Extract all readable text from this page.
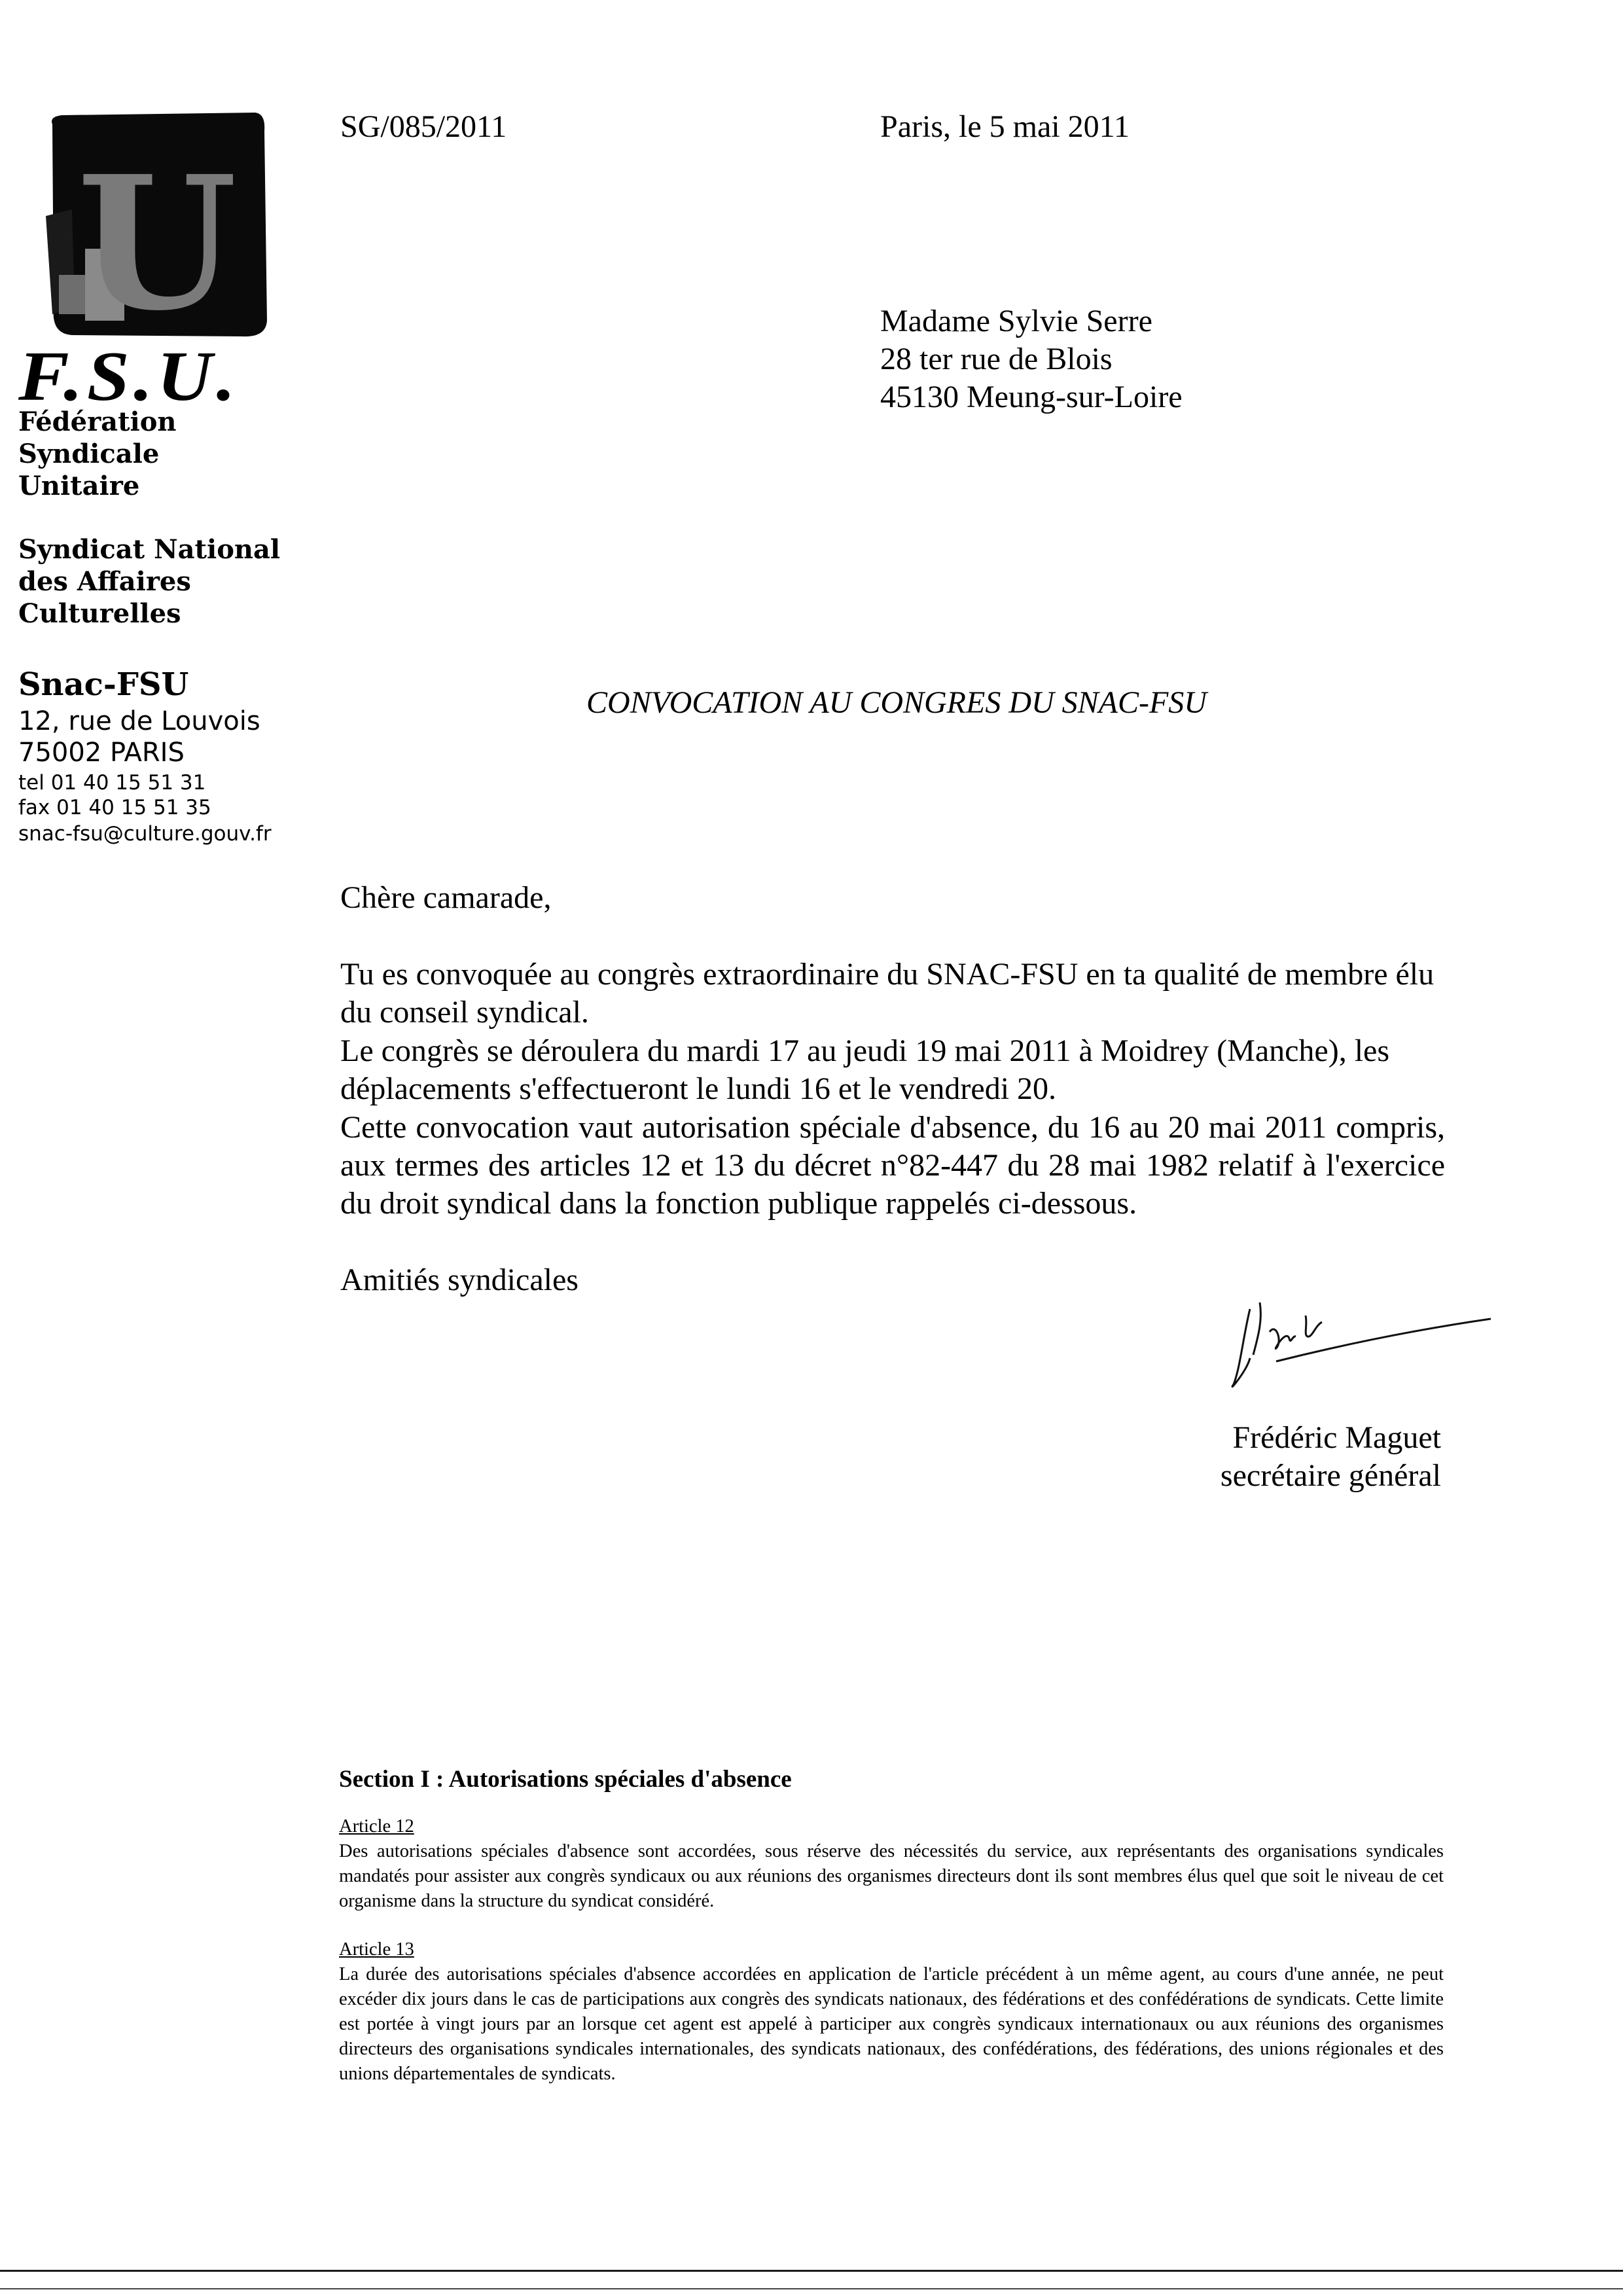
U
F.S.U.
Fédération
Syndicale
Unitaire
Syndicat National
des Affaires
Culturelles
Snac-FSU
12, rue de Louvois
75002 PARIS
tel 01 40 15 51 31
fax 01 40 15 51 35
snac-fsu@culture.gouv.fr
SG/085/2011	Paris, le 5 mai 2011
Madame Sylvie Serre
28 ter rue de Blois
45130 Meung-sur-Loire
CONVOCATION AU CONGRES DU SNAC-FSU
Chère camarade,
Tu es convoquée au congrès extraordinaire du SNAC-FSU en ta qualité de membre élu du conseil syndical.
Le congrès se déroulera du mardi 17 au jeudi 19 mai 2011 à Moidrey (Manche), les déplacements s'effectueront le lundi 16 et le vendredi 20.
Cette convocation vaut autorisation spéciale d'absence, du 16 au 20 mai 2011 compris, aux termes des articles 12 et 13 du décret n°82-447 du 28 mai 1982 relatif à l'exercice du droit syndical dans la fonction publique rappelés ci-dessous.
Amitiés syndicales
Frédéric Maguet
secrétaire général
Section I : Autorisations spéciales d'absence
Article 12
Des autorisations spéciales d'absence sont accordées, sous réserve des nécessités du service, aux représentants des organisations syndicales mandatés pour assister aux congrès syndicaux ou aux réunions des organismes directeurs dont ils sont membres élus quel que soit le niveau de cet organisme dans la structure du syndicat considéré.
Article 13
La durée des autorisations spéciales d'absence accordées en application de l'article précédent à un même agent, au cours d'une année, ne peut excéder dix jours dans le cas de participations aux congrès des syndicats nationaux, des fédérations et des confédérations de syndicats. Cette limite est portée à vingt jours par an lorsque cet agent est appelé à participer aux congrès syndicaux internationaux ou aux réunions des organismes directeurs des organisations syndicales internationales, des syndicats nationaux, des confédérations, des fédérations, des unions régionales et des unions départementales de syndicats.
